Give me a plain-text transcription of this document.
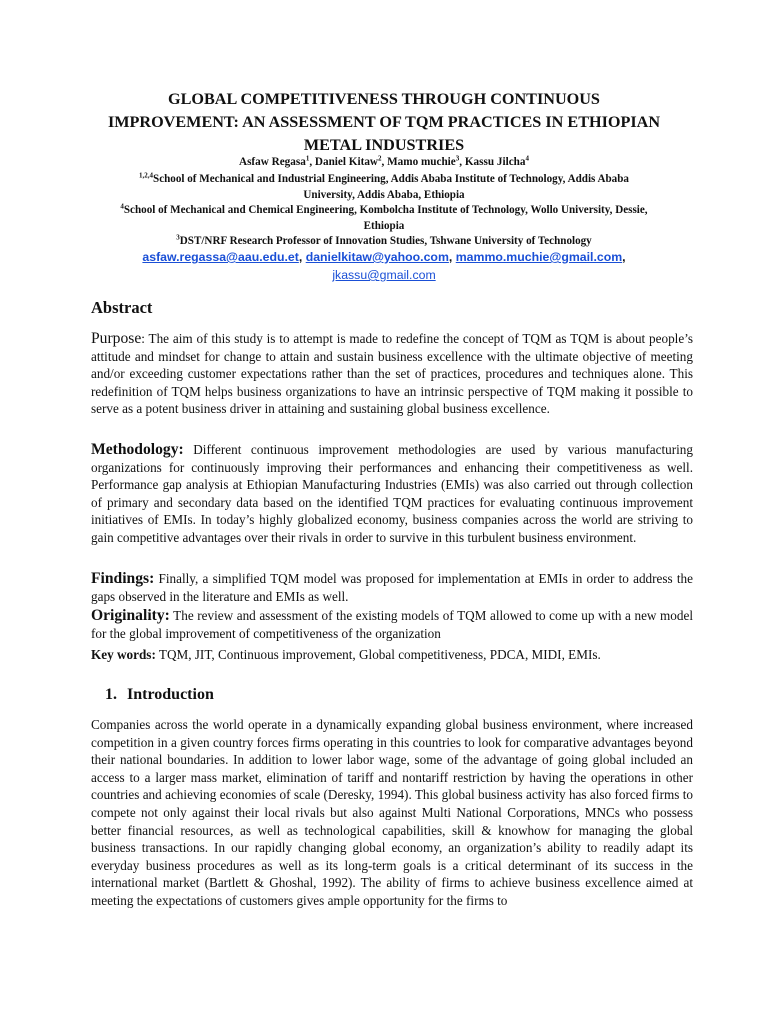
GLOBAL COMPETITIVENESS THROUGH CONTINUOUS
IMPROVEMENT: AN ASSESSMENT OF TQM PRACTICES IN ETHIOPIAN
METAL INDUSTRIES

Asfaw Regasa$^1$, Daniel Kitaw$^2$, Mamo muchie$^3$, Kassu Jilcha$^4$

$^{1,2,4}$School of Mechanical and Industrial Engineering, Addis Ababa Institute of Technology, Addis Ababa
University, Addis Ababa, Ethiopia

$^4$School of Mechanical and Chemical Engineering, Kombolcha Institute of Technology, Wollo University, Dessie,
Ethiopia

$^3$DST/NRF Research Professor of Innovation Studies, Tshwane University of Technology

asfaw.regassa@aau.edu.et, danielkitaw@yahoo.com, mammo.muchie@gmail.com,

jkassu@gmail.com

Abstract

Purpose: The aim of this study is to attempt is made to redefine the concept of TQM as TQM is about people’s attitude and mindset for change to attain and sustain business excellence with the ultimate objective of meeting and/or exceeding customer expectations rather than the set of practices, procedures and techniques alone. This redefinition of TQM helps business organizations to have an intrinsic perspective of TQM making it possible to serve as a potent business driver in attaining and sustaining global business excellence.

Methodology: Different continuous improvement methodologies are used by various manufacturing organizations for continuously improving their performances and enhancing their competitiveness as well. Performance gap analysis at Ethiopian Manufacturing Industries (EMIs) was also carried out through collection of primary and secondary data based on the identified TQM practices for evaluating continuous improvement initiatives of EMIs. In today’s highly globalized economy, business companies across the world are striving to gain competitive advantages over their rivals in order to survive in this turbulent business environment.

Findings: Finally, a simplified TQM model was proposed for implementation at EMIs in order to address the gaps observed in the literature and EMIs as well.

Originality: The review and assessment of the existing models of TQM allowed to come up with a new model for the global improvement of competitiveness of the organization

Key words: TQM, JIT, Continuous improvement, Global competitiveness, PDCA, MIDI, EMIs.

1. Introduction

Companies across the world operate in a dynamically expanding global business environment, where increased competition in a given country forces firms operating in this countries to look for comparative advantages beyond their national boundaries. In addition to lower labor wage, some of the advantage of going global included an access to a larger mass market, elimination of tariff and nontariff restriction by having the operations in other countries and achieving economies of scale (Deresky, 1994). This global business activity has also forced firms to compete not only against their local rivals but also against Multi National Corporations, MNCs who possess better financial resources, as well as technological capabilities, skill & knowhow for managing the global business transactions. In our rapidly changing global economy, an organization’s ability to readily adapt its everyday business procedures as well as its long-term goals is a critical determinant of its success in the international market (Bartlett & Ghoshal, 1992). The ability of firms to achieve business excellence aimed at meeting the expectations of customers gives ample opportunity for the firms to
